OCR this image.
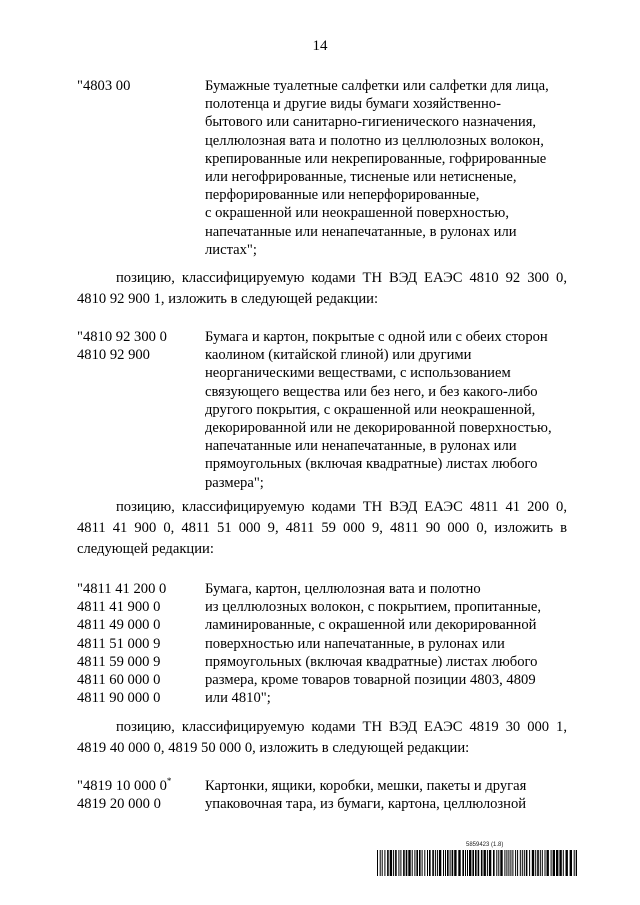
14
"4803 00	Бумажные туалетные салфетки или салфетки для лица,
полотенца и другие виды бумаги хозяйственно-
бытового или санитарно-гигиенического назначения,
целлюлозная вата и полотно из целлюлозных волокон,
крепированные или некрепированные, гофрированные
или негофрированные, тисненые или нетисненые,
перфорированные или неперфорированные,
с окрашенной или неокрашенной поверхностью,
напечатанные или ненапечатанные, в рулонах или
листах";
позицию, классифицируемую кодами ТН ВЭД ЕАЭС 4810 92 300 0, 4810 92 900 1, изложить в следующей редакции:
"4810 92 300 0
4810 92 900
Бумага и картон, покрытые с одной или с обеих сторон
каолином (китайской глиной) или другими
неорганическими веществами, с использованием
связующего вещества или без него, и без какого-либо
другого покрытия, с окрашенной или неокрашенной,
декорированной или не декорированной поверхностью,
напечатанные или ненапечатанные, в рулонах или
прямоугольных (включая квадратные) листах любого
размера";
позицию, классифицируемую кодами ТН ВЭД ЕАЭС 4811 41 200 0, 4811 41 900 0, 4811 51 000 9, 4811 59 000 9, 4811 90 000 0, изложить в следующей редакции:
"4811 41 200 0
4811 41 900 0
4811 49 000 0
4811 51 000 9
4811 59 000 9
4811 60 000 0
4811 90 000 0
Бумага, картон, целлюлозная вата и полотно
из целлюлозных волокон, с покрытием, пропитанные,
ламинированные, с окрашенной или декорированной
поверхностью или напечатанные, в рулонах или
прямоугольных (включая квадратные) листах любого
размера, кроме товаров товарной позиции 4803, 4809
или 4810";
позицию, классифицируемую кодами ТН ВЭД ЕАЭС 4819 30 000 1, 4819 40 000 0, 4819 50 000 0, изложить в следующей редакции:
"4819 10 000 0*
4819 20 000 0
Картонки, ящики, коробки, мешки, пакеты и другая
упаковочная тара, из бумаги, картона, целлюлозной
5859423 (1.8)
